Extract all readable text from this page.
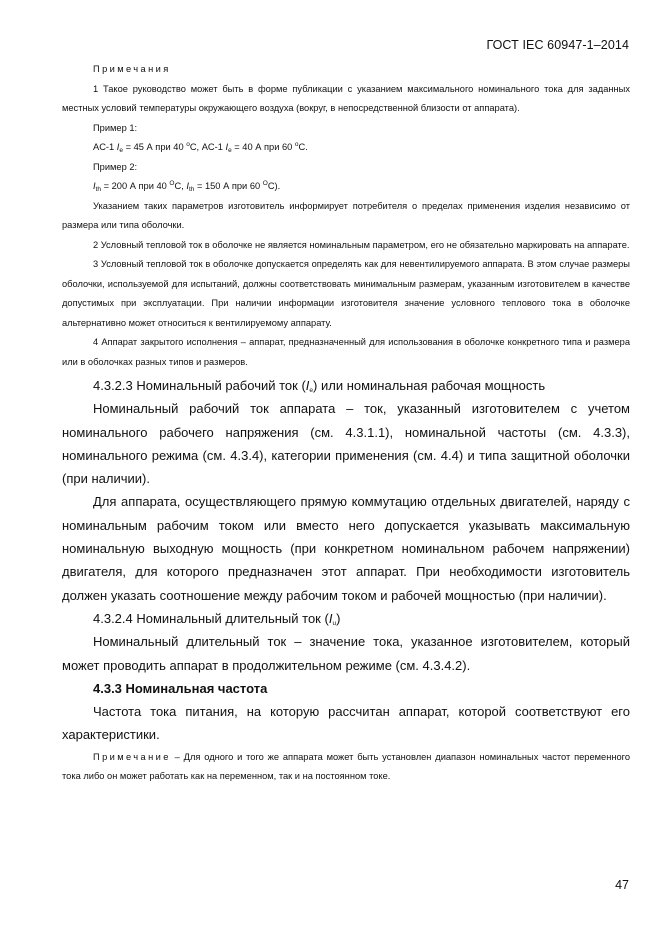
ГОСТ IEC 60947-1–2014

Примечания

1 Такое руководство может быть в форме публикации с указанием максимального номинального тока для заданных местных условий температуры окружающего воздуха (вокруг, в непосредственной близости от аппарата).

Пример 1:

AC-1 $I_e = 45$ А при 40 $^o$С, AC-1 $I_e = 40$ А при 60 $^o$С.

Пример 2:

$I_{th} = 200$ А при 40 $^O$С, $I_{th} = 150$ А при 60 $^O$С).

Указанием таких параметров изготовитель информирует потребителя о пределах применения изделия независимо от размера или типа оболочки.

2 Условный тепловой ток в оболочке не является номинальным параметром, его не обязательно маркировать на аппарате.

3 Условный тепловой ток в оболочке допускается определять как для невентилируемого аппарата. В этом случае размеры оболочки, используемой для испытаний, должны соответствовать минимальным размерам, указанным изготовителем в качестве допустимых при эксплуатации. При наличии информации изготовителя значение условного теплового тока в оболочке альтернативно может относиться к вентилируемому аппарату.

4 Аппарат закрытого исполнения – аппарат, предназначенный для использования в оболочке конкретного типа и размера или в оболочках разных типов и размеров.

4.3.2.3 Номинальный рабочий ток $(I_e)$ или номинальная рабочая мощность

Номинальный рабочий ток аппарата – ток, указанный изготовителем с учетом номинального рабочего напряжения (см. 4.3.1.1), номинальной частоты (см. 4.3.3), номинального режима (см. 4.3.4), категории применения (см. 4.4) и типа защитной оболочки (при наличии).

Для аппарата, осуществляющего прямую коммутацию отдельных двигателей, наряду с номинальным рабочим током или вместо него допускается указывать максимальную номинальную выходную мощность (при конкретном номинальном рабочем напряжении) двигателя, для которого предназначен этот аппарат. При необходимости изготовитель должен указать соотношение между рабочим током и рабочей мощностью (при наличии).

4.3.2.4 Номинальный длительный ток $(I_u)$

Номинальный длительный ток – значение тока, указанное изготовителем, который может проводить аппарат в продолжительном режиме (см. 4.3.4.2).

4.3.3 Номинальная частота

Частота тока питания, на которую рассчитан аппарат, которой соответствуют его характеристики.

Примечание – Для одного и того же аппарата может быть установлен диапазон номинальных частот переменного тока либо он может работать как на переменном, так и на постоянном токе.

47
